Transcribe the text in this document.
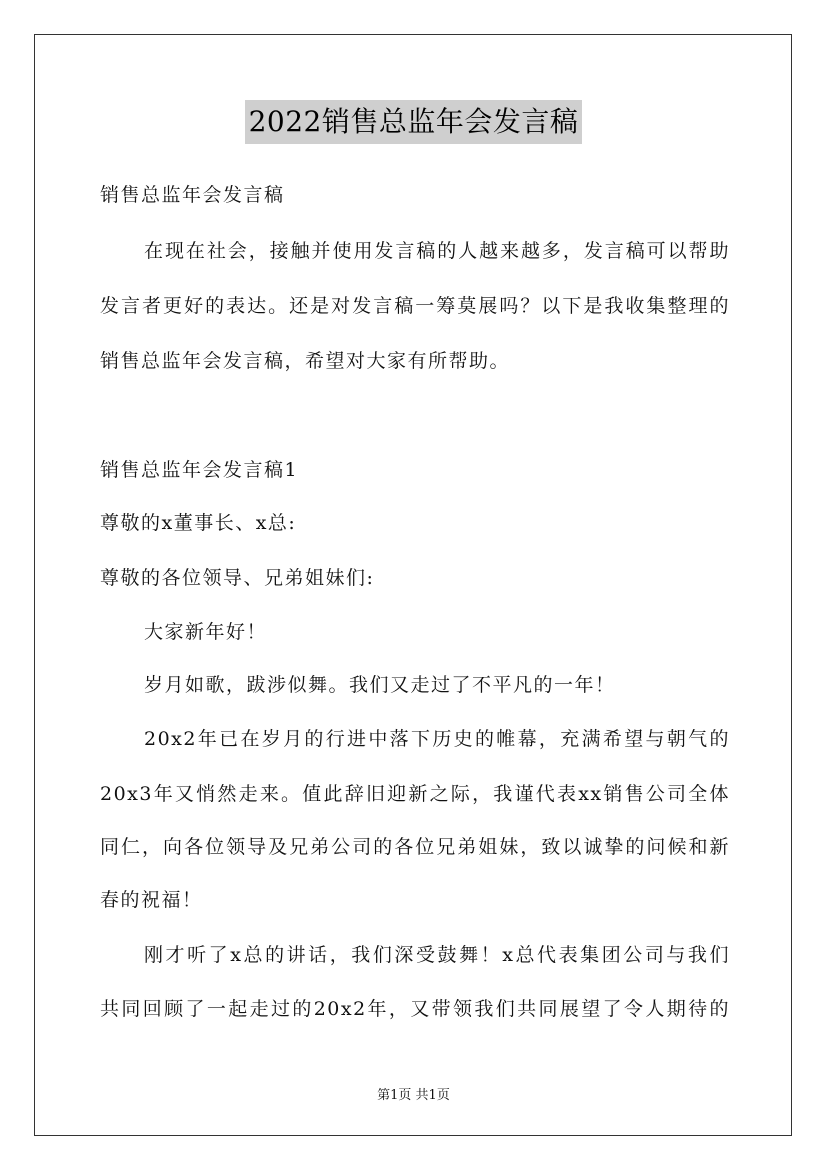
2022销售总监年会发言稿
销售总监年会发言稿
在现在社会，接触并使用发言稿的人越来越多，发言稿可以帮助
发言者更好的表达。还是对发言稿一筹莫展吗？以下是我收集整理的
销售总监年会发言稿，希望对大家有所帮助。
销售总监年会发言稿1
尊敬的x董事长、x总:
尊敬的各位领导、兄弟姐妹们:
大家新年好！
岁月如歌，跋涉似舞。我们又走过了不平凡的一年！
20x2年已在岁月的行进中落下历史的帷幕，充满希望与朝气的
20x3年又悄然走来。值此辞旧迎新之际，我谨代表xx销售公司全体
同仁，向各位领导及兄弟公司的各位兄弟姐妹，致以诚挚的问候和新
春的祝福！
刚才听了x总的讲话，我们深受鼓舞！x总代表集团公司与我们
共同回顾了一起走过的20x2年，又带领我们共同展望了令人期待的
第1页 共1页
